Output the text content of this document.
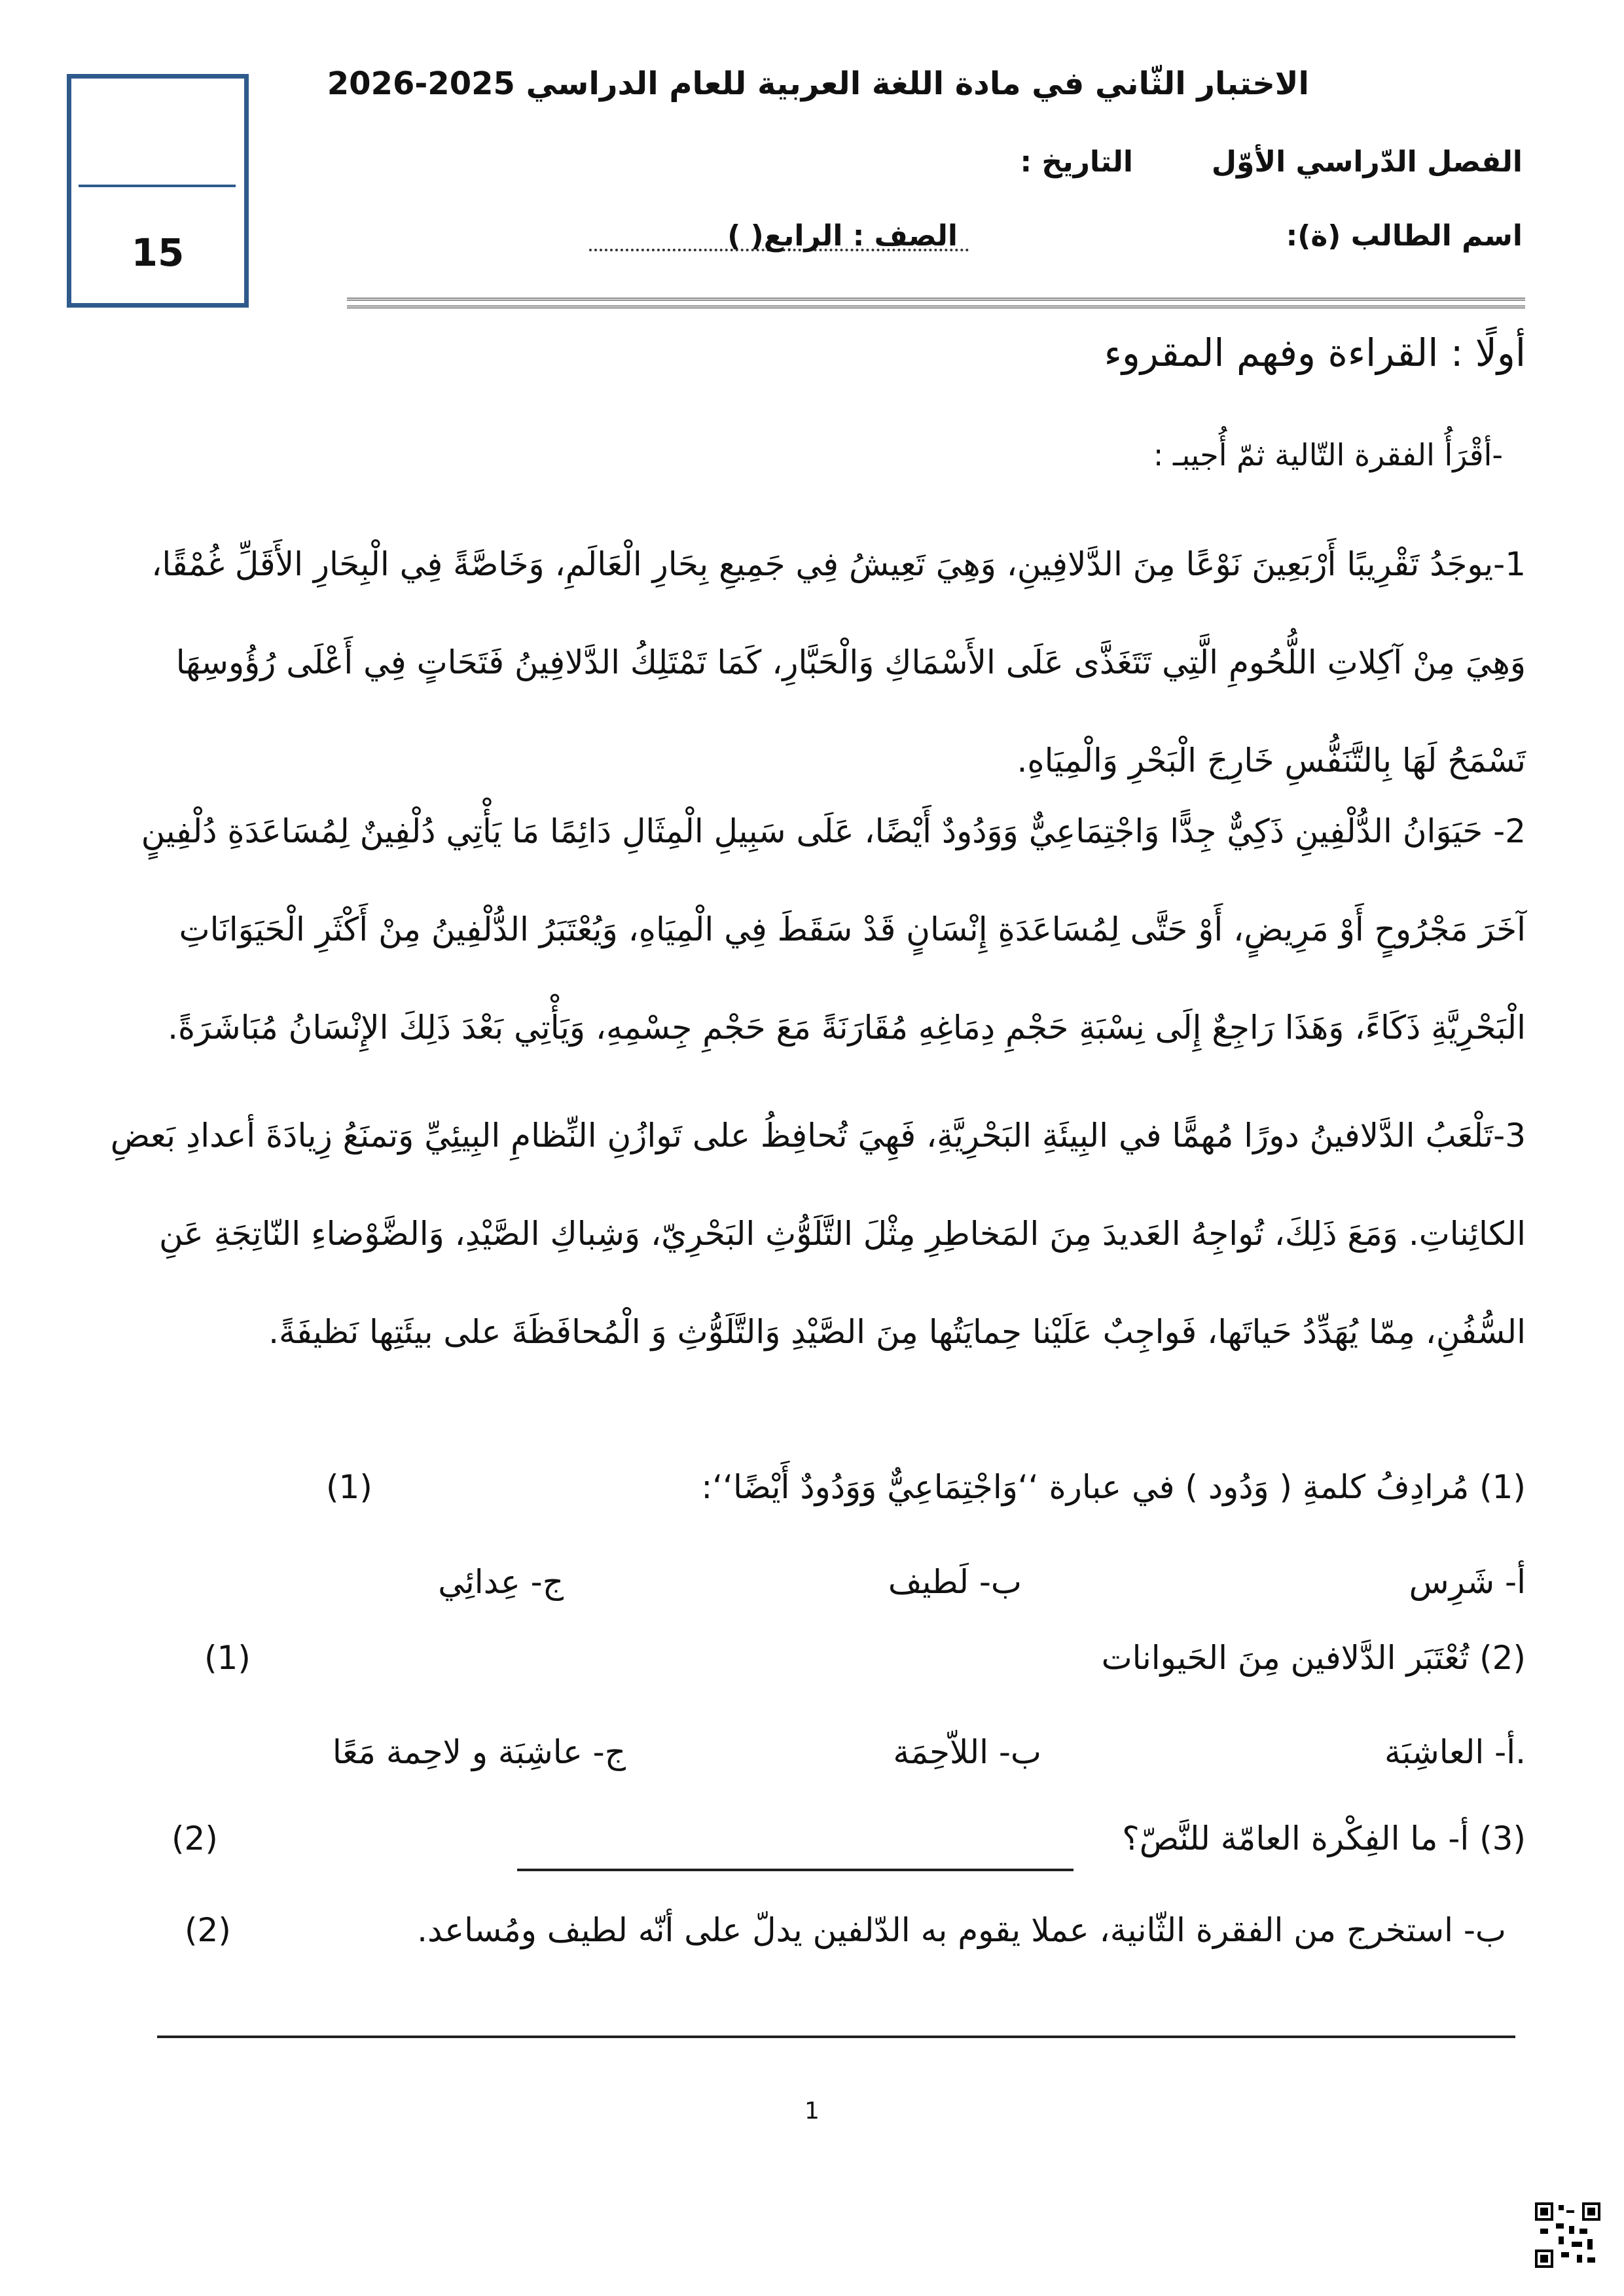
15
الاختبار الثّاني في مادة اللغة العربية للعام الدراسي 2025-2026
الفصل الدّراسي الأوّل
التاريخ :
اسم الطالب (ة):
الصف : الرابع( )
أولًا : القراءة وفهم المقروء
-أقْرَأُ الفقرة التّالية ثمّ أُجيبـ :
1-يوجَدُ تَقْرِيبًا أَرْبَعِينَ نَوْعًا مِنَ الدَّلافِينِ، وَهِيَ تَعِيشُ فِي جَمِيعِ بِحَارِ الْعَالَمِ، وَخَاصَّةً فِي الْبِحَارِ الأَقَلِّ غُمْقًا، وَهِيَ مِنْ آكِلاتِ اللُّحُومِ الَّتِي تَتَغَذَّى عَلَى الأَسْمَاكِ وَالْحَبَّارِ، كَمَا تَمْتَلِكُ الدَّلافِينُ فَتَحَاتٍ فِي أَعْلَى رُؤُوسِهَا تَسْمَحُ لَهَا بِالتَّنَفُّسِ خَارِجَ الْبَحْرِ وَالْمِيَاهِ.
2- حَيَوَانُ الدُّلْفِينِ ذَكِيٌّ جِدًّا وَاجْتِمَاعِيٌّ وَوَدُودٌ أَيْضًا، عَلَى سَبِيلِ الْمِثَالِ دَائِمًا مَا يَأْتِي دُلْفِينٌ لِمُسَاعَدَةِ دُلْفِينٍ آخَرَ مَجْرُوحٍ أَوْ مَرِيضٍ، أَوْ حَتَّى لِمُسَاعَدَةِ إِنْسَانٍ قَدْ سَقَطَ فِي الْمِيَاهِ، وَيُعْتَبَرُ الدُّلْفِينُ مِنْ أَكْثَرِ الْحَيَوَانَاتِ الْبَحْرِيَّةِ ذَكَاءً، وَهَذَا رَاجِعٌ إِلَى نِسْبَةِ حَجْمِ دِمَاغِهِ مُقَارَنَةً مَعَ حَجْمِ جِسْمِهِ، وَيَأْتِي بَعْدَ ذَلِكَ الإِنْسَانُ مُبَاشَرَةً.
3-تَلْعَبُ الدَّلافينُ دورًا مُهمًّا في البِيئَةِ البَحْرِيَّةِ، فَهِيَ تُحافِظُ على تَوازُنِ النِّظامِ البِيئِيِّ وَتمنَعُ زِيادَةَ أعدادِ بَعضِ الكائِناتِ. وَمَعَ ذَلِكَ، تُواجِهُ العَديدَ مِنَ المَخاطِرِ مِثْلَ التَّلَوُّثِ البَحْرِيّ، وَشِباكِ الصَّيْدِ، وَالضَّوْضاءِ النّاتِجَةِ عَنِ السُّفُنِ، مِمّا يُهَدِّدُ حَياتَها، فَواجِبٌ عَلَيْنا حِمايَتُها مِنَ الصَّيْدِ وَالتَّلَوُّثِ وَ الْمُحافَظَةَ على بيئَتِها نَظيفَةً.
(1) مُرادِفُ كلمةِ ( وَدُود ) في عبارة ‘‘وَاجْتِمَاعِيٌّ وَوَدُودٌ أَيْضًا‘‘:
(1)
أ- شَرِس
ب- لَطيف
ج- عِدائِي
(2) تُعْتَبَر الدَّلافين مِنَ الحَيوانات
(1)
.أ- العاشِبَة
ب- اللاّحِمَة
ج- عاشِبَة و لاحِمة مَعًا
(3) أ- ما الفِكْرة العامّة للنَّصّ؟
(2)
ب- استخرج من الفقرة الثّانية، عملا يقوم به الدّلفين يدلّ على أنّه لطيف ومُساعد.
(2)
1
